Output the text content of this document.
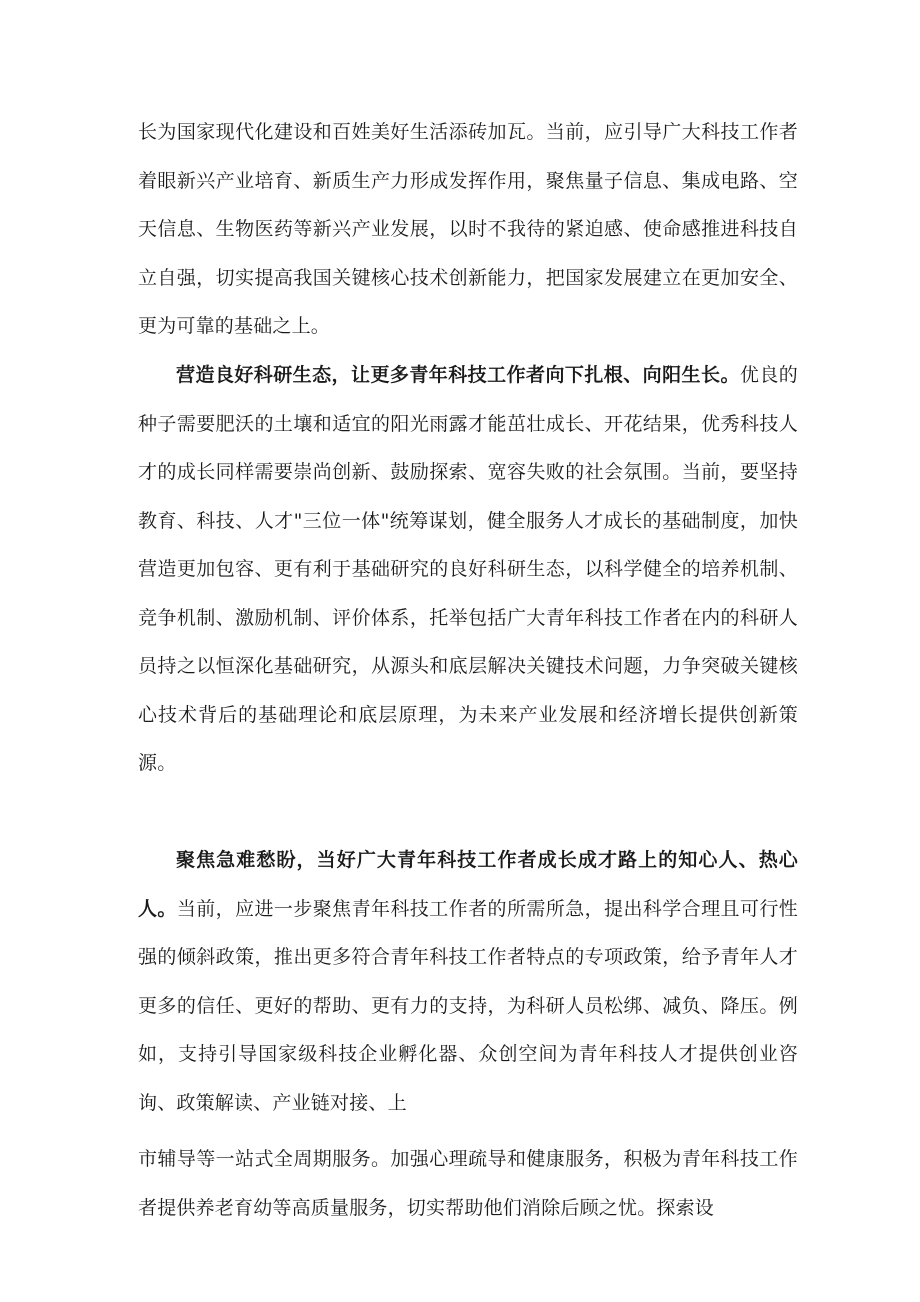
长为国家现代化建设和百姓美好生活添砖加瓦。当前，应引导广大科技工作者着眼新兴产业培育、新质生产力形成发挥作用，聚焦量子信息、集成电路、空天信息、生物医药等新兴产业发展，以时不我待的紧迫感、使命感推进科技自立自强，切实提高我国关键核心技术创新能力，把国家发展建立在更加安全、更为可靠的基础之上。

营造良好科研生态，让更多青年科技工作者向下扎根、向阳生长。优良的种子需要肥沃的土壤和适宜的阳光雨露才能茁壮成长、开花结果，优秀科技人才的成长同样需要崇尚创新、鼓励探索、宽容失败的社会氛围。当前，要坚持教育、科技、人才"三位一体"统筹谋划，健全服务人才成长的基础制度，加快营造更加包容、更有利于基础研究的良好科研生态，以科学健全的培养机制、竞争机制、激励机制、评价体系，托举包括广大青年科技工作者在内的科研人员持之以恒深化基础研究，从源头和底层解决关键技术问题，力争突破关键核心技术背后的基础理论和底层原理，为未来产业发展和经济增长提供创新策源。

聚焦急难愁盼，当好广大青年科技工作者成长成才路上的知心人、热心人。当前，应进一步聚焦青年科技工作者的所需所急，提出科学合理且可行性强的倾斜政策，推出更多符合青年科技工作者特点的专项政策，给予青年人才更多的信任、更好的帮助、更有力的支持，为科研人员松绑、减负、降压。例如，支持引导国家级科技企业孵化器、众创空间为青年科技人才提供创业咨询、政策解读、产业链对接、上

市辅导等一站式全周期服务。加强心理疏导和健康服务，积极为青年科技工作者提供养老育幼等高质量服务，切实帮助他们消除后顾之忧。探索设
